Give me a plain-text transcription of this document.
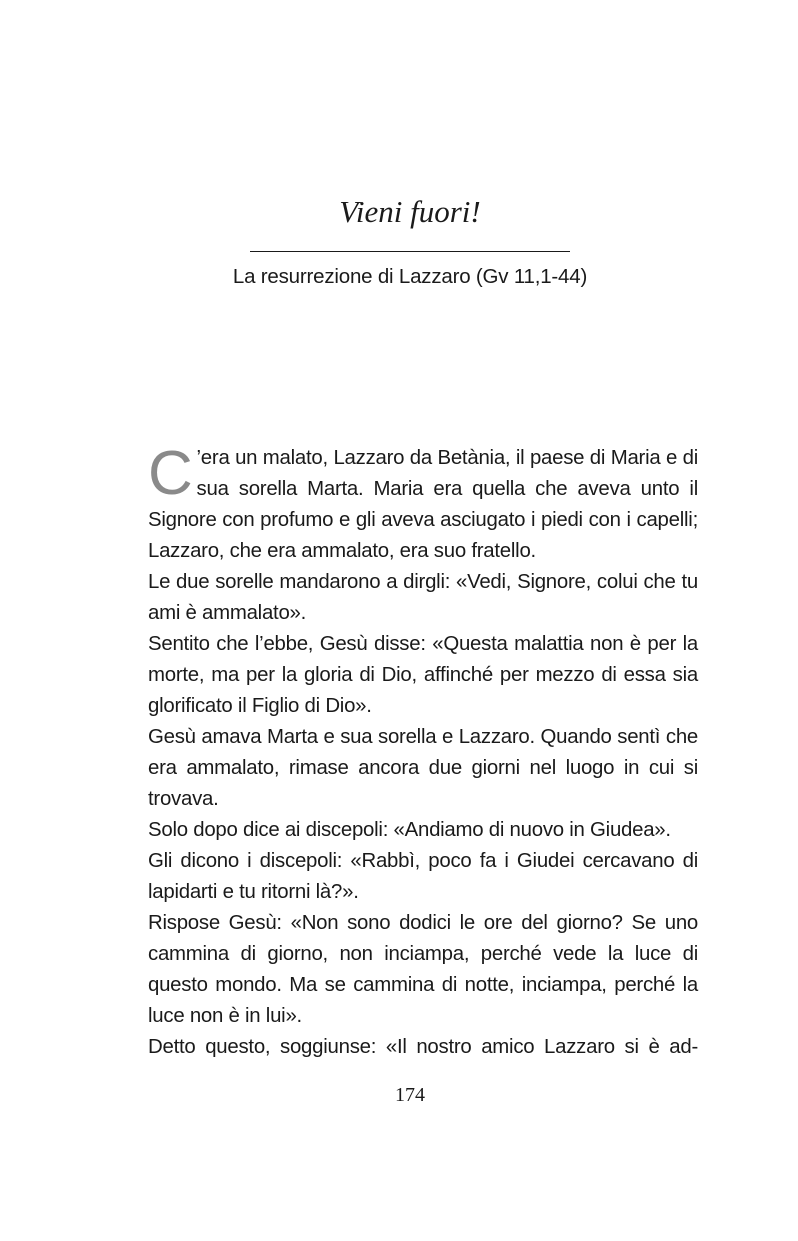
Vieni fuori!
La resurrezione di Lazzaro (Gv 11,1-44)

C ’era un malato, Lazzaro da Betània, il paese di Maria e di sua sorella Marta. Maria era quella che aveva unto il Signore con profumo e gli aveva asciugato i piedi con i capelli; Lazzaro, che era ammalato, era suo fratello.

Le due sorelle mandarono a dirgli: «Vedi, Signore, colui che tu ami è ammalato».

Sentito che l’ebbe, Gesù disse: «Questa malattia non è per la morte, ma per la gloria di Dio, affinché per mezzo di essa sia glorificato il Figlio di Dio».

Gesù amava Marta e sua sorella e Lazzaro. Quando sentì che era ammalato, rimase ancora due giorni nel luogo in cui si trovava.

Solo dopo dice ai discepoli: «Andiamo di nuovo in Giudea».

Gli dicono i discepoli: «Rabbì, poco fa i Giudei cercavano di lapidarti e tu ritorni là?».

Rispose Gesù: «Non sono dodici le ore del giorno? Se uno cammina di giorno, non inciampa, perché vede la luce di questo mondo. Ma se cammina di notte, inciampa, perché la luce non è in lui».

Detto questo, soggiunse: «Il nostro amico Lazzaro si è ad-

174
